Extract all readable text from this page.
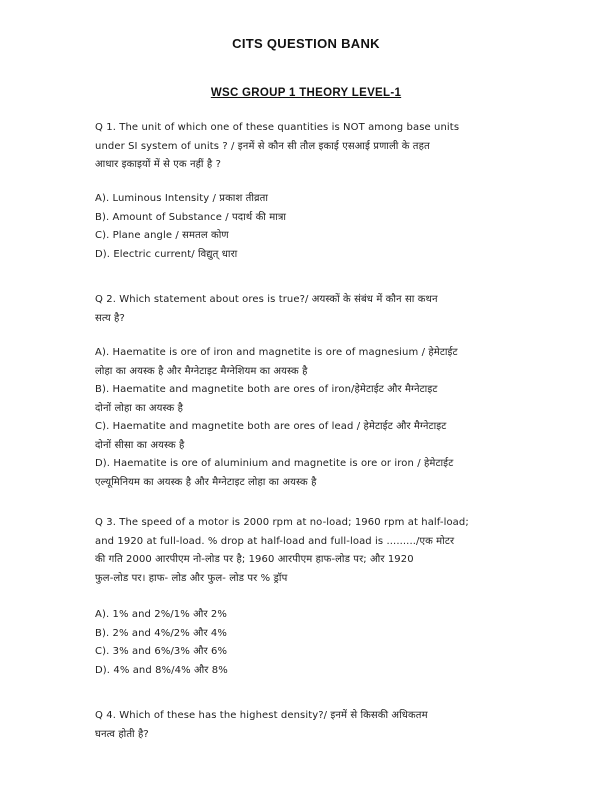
CITS QUESTION BANK
WSC GROUP 1 THEORY LEVEL-1
Q 1. The unit of which one of these quantities is NOT among base units
under SI system of units ? / इनमें से कौन सी तौल इकाई एसआई प्रणाली के तहत
आधार इकाइयों में से एक नहीं है ?
A). Luminous Intensity / प्रकाश तीव्रता
B). Amount of Substance / पदार्थ की मात्रा
C). Plane angle / समतल कोण
D). Electric current/ विद्युत् धारा
Q 2. Which statement about ores is true?/ अयस्कों के संबंध में कौन सा कथन
सत्य है?
A). Haematite is ore of iron and magnetite is ore of magnesium / हेमेटाईट
लोहा का अयस्क है और मैग्नेटाइट मैग्नेशियम का अयस्क है
B). Haematite and magnetite both are ores of iron/हेमेटाईट और मैग्नेटाइट
दोनों लोहा का अयस्क है
C). Haematite and magnetite both are ores of lead / हेमेटाईट और मैग्नेटाइट
दोनों सीसा का अयस्क है
D). Haematite is ore of aluminium and magnetite is ore or iron / हेमेटाईट
एल्यूमिनियम का अयस्क है और मैग्नेटाइट लोहा का अयस्क है
Q 3. The speed of a motor is 2000 rpm at no-load; 1960 rpm at half-load;
and 1920 at full-load. % drop at half-load and full-load is ........./एक मोटर
की गति 2000 आरपीएम नो-लोड पर है; 1960 आरपीएम हाफ-लोड पर; और 1920
फुल-लोड पर। हाफ- लोड और फुल- लोड पर % ड्रॉप
A). 1% and 2%/1% और 2%
B). 2% and 4%/2% और 4%
C). 3% and 6%/3% और 6%
D). 4% and 8%/4% और 8%
Q 4. Which of these has the highest density?/ इनमें से किसकी अधिकतम
घनत्व होती है?
